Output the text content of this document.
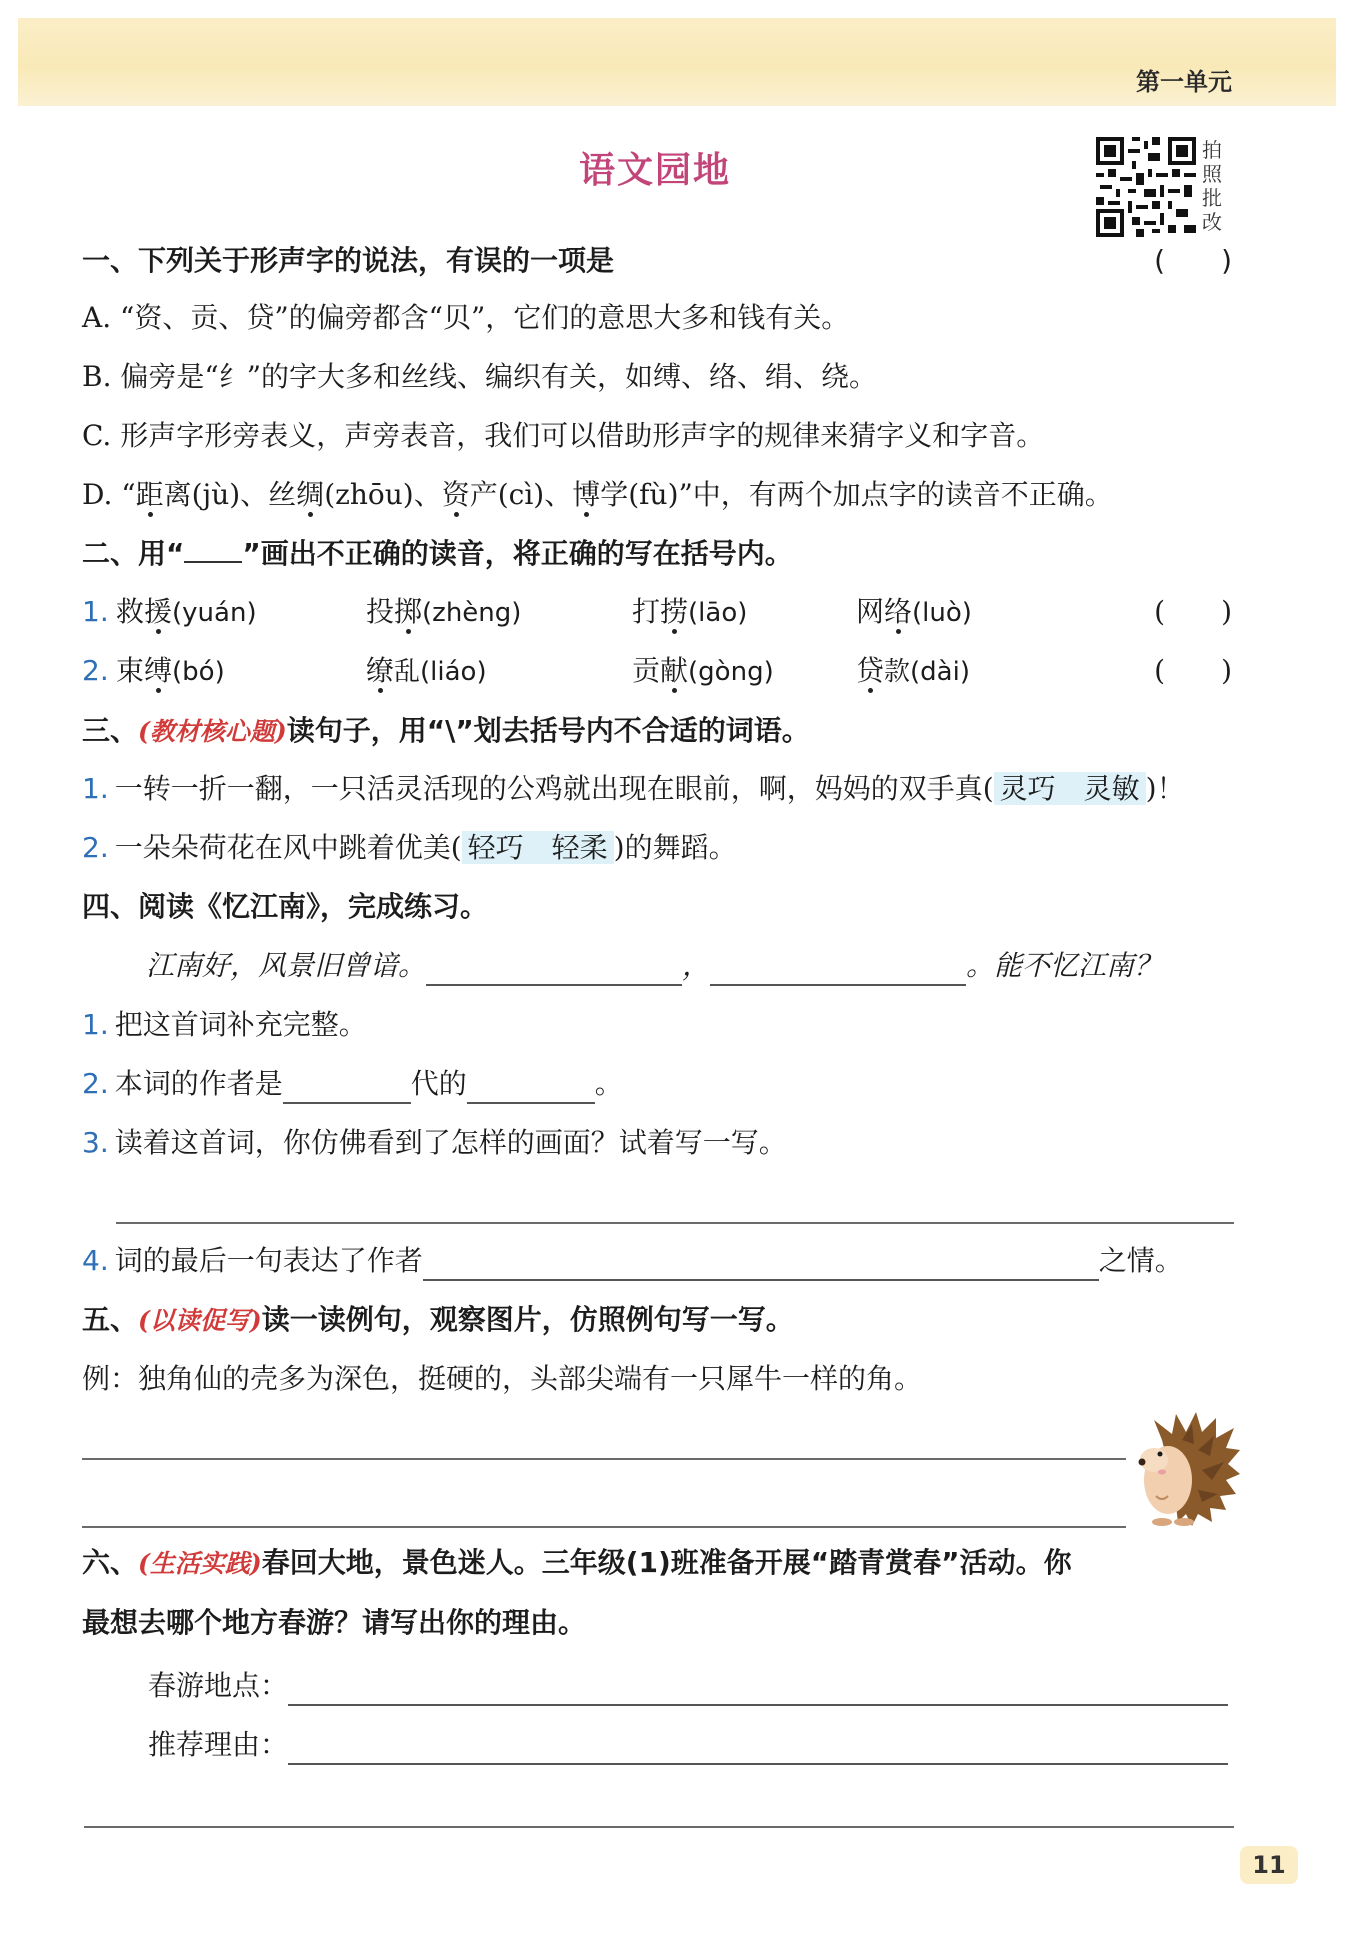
第一单元
语文园地	拍
照
批
改
一、下列关于形声字的说法，有误的一项是	(　　)
A. “资、贡、贷”的偏旁都含“贝”，它们的意思大多和钱有关。
B. 偏旁是“纟”的字大多和丝线、编织有关，如缚、络、绢、绕。
C. 形声字形旁表义，声旁表音，我们可以借助形声字的规律来猜字义和字音。
D. “距离(jù)、丝绸(zhōu)、资产(cì)、博学(fù)”中，有两个加点字的读音不正确。
二、用“ ”画出不正确的读音，将正确的写在括号内。
1. 救援(yuán)	投掷(zhèng)	打捞(lāo)	网络(luò)	(　　)
2. 束缚(bó)	缭乱(liáo)	贡献(gòng)	贷款(dài)	(　　)
三、(教材核心题)读句子，用“\”划去括号内不合适的词语。
1. 一转一折一翻，一只活灵活现的公鸡就出现在眼前，啊，妈妈的双手真( 灵巧　灵敏 )！
2. 一朵朵荷花在风中跳着优美( 轻巧　轻柔 )的舞蹈。
四、阅读《忆江南》，完成练习。
江南好，风景旧曾谙。	，	。能不忆江南？
1. 把这首词补充完整。
2. 本词的作者是	代的	。
3. 读着这首词，你仿佛看到了怎样的画面？试着写一写。
4. 词的最后一句表达了作者	之情。
五、(以读促写)读一读例句，观察图片，仿照例句写一写。
例：独角仙的壳多为深色，挺硬的，头部尖端有一只犀牛一样的角。
六、(生活实践)春回大地，景色迷人。三年级(1)班准备开展“踏青赏春”活动。你
最想去哪个地方春游？请写出你的理由。
春游地点：
推荐理由：
11
